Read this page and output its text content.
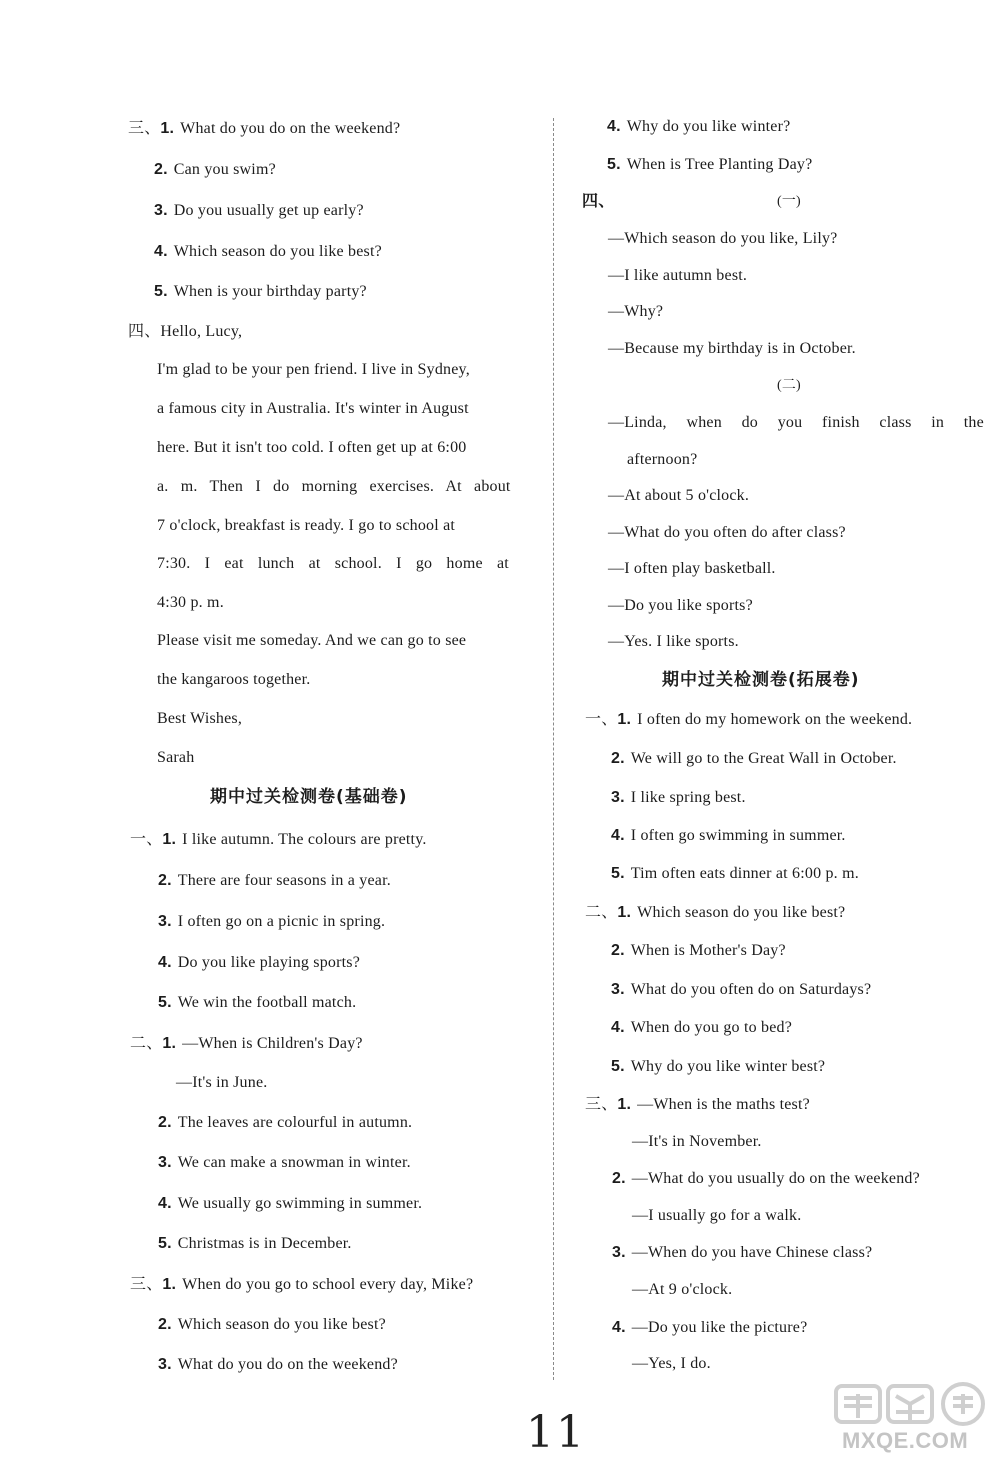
三、1. What do you do on the weekend?
2. Can you swim?
3. Do you usually get up early?
4. Which season do you like best?
5. When is your birthday party?
四、Hello, Lucy,
I'm glad to be your pen friend. I live in Sydney,
a famous city in Australia. It's winter in August
here. But it isn't too cold. I often get up at 6:00
a. m. Then I do morning exercises. At about
7 o'clock, breakfast is ready. I go to school at
7:30. I eat lunch at school. I go home at
4:30 p. m.
Please visit me someday. And we can go to see
the kangaroos together.
Best Wishes,
Sarah
期中过关检测卷(基础卷)
一、1. I like autumn. The colours are pretty.
2. There are four seasons in a year.
3. I often go on a picnic in spring.
4. Do you like playing sports?
5. We win the football match.
二、1. —When is Children's Day?
—It's in June.
2. The leaves are colourful in autumn.
3. We can make a snowman in winter.
4. We usually go swimming in summer.
5. Christmas is in December.
三、1. When do you go to school every day, Mike?
2. Which season do you like best?
3. What do you do on the weekend?
4. Why do you like winter?
5. When is Tree Planting Day?
四、	(一)
—Which season do you like, Lily?
—I like autumn best.
—Why?
—Because my birthday is in October.
(二)
—Linda, when do you finish class in the
afternoon?
—At about 5 o'clock.
—What do you often do after class?
—I often play basketball.
—Do you like sports?
—Yes. I like sports.
期中过关检测卷(拓展卷)
一、1. I often do my homework on the weekend.
2. We will go to the Great Wall in October.
3. I like spring best.
4. I often go swimming in summer.
5. Tim often eats dinner at 6:00 p. m.
二、1. Which season do you like best?
2. When is Mother's Day?
3. What do you often do on Saturdays?
4. When do you go to bed?
5. Why do you like winter best?
三、1. —When is the maths test?
—It's in November.
2. —What do you usually do on the weekend?
—I usually go for a walk.
3. —When do you have Chinese class?
—At 9 o'clock.
4. —Do you like the picture?
—Yes, I do.
11	MXQE.COM
